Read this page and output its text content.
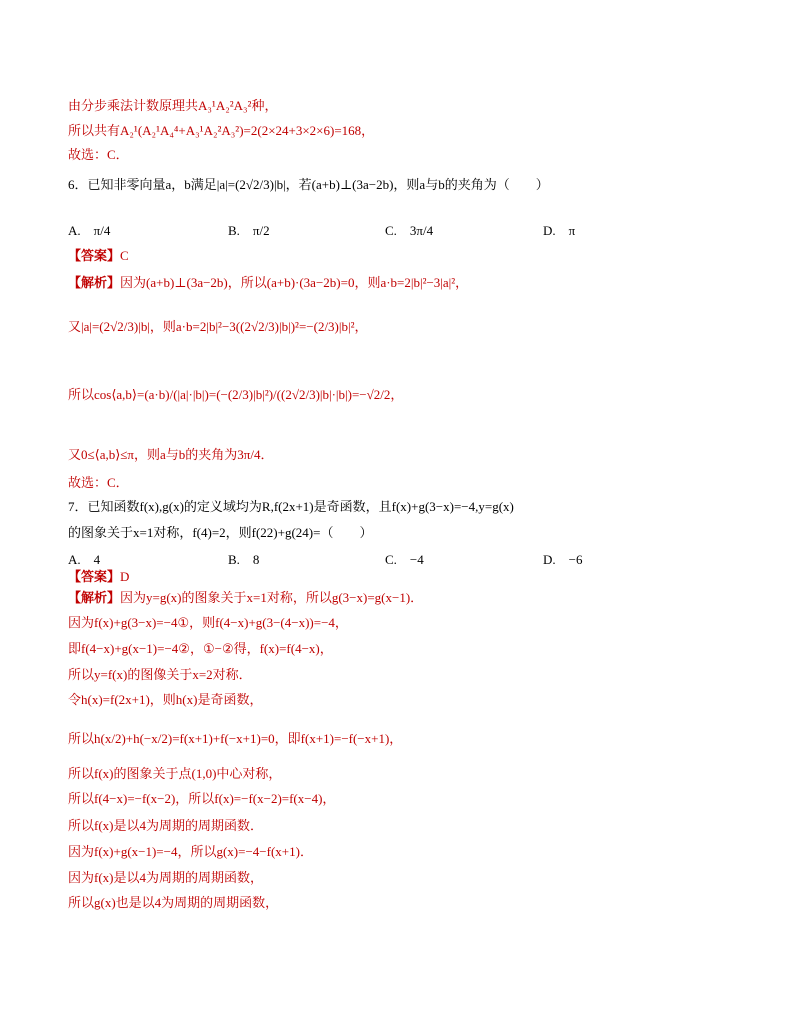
由分步乘法计数原理共A₃¹A₂²A₃²种，
所以共有A₂¹(A₂¹A₄⁴+A₃¹A₂²A₃²)=2(2×24+3×2×6)=168，
故选：C．
6．已知非零向量a，b满足|a|=(2√2/3)|b|，若(a+b)⊥(3a−2b)，则a与b的夹角为（　　）
A.　π/4	B.　π/2	C.　3π/4	D.　π
【答案】C
【解析】因为(a+b)⊥(3a−2b)，所以(a+b)·(3a−2b)=0，则a·b=2|b|²−3|a|²，
又|a|=(2√2/3)|b|，则a·b=2|b|²−3((2√2/3)|b|)²=−(2/3)|b|²，
所以cos⟨a,b⟩=(a·b)/(|a|·|b|)=(−(2/3)|b|²)/((2√2/3)|b|·|b|)=−√2/2，
又0≤⟨a,b⟩≤π，则a与b的夹角为3π/4．
故选：C．
7．已知函数f(x),g(x)的定义域均为R,f(2x+1)是奇函数，且f(x)+g(3−x)=−4,y=g(x)
的图象关于x=1对称，f(4)=2，则f(22)+g(24)=（　　）
A.　4	B.　8	C.　−4	D.　−6
【答案】D
【解析】因为y=g(x)的图象关于x=1对称，所以g(3−x)=g(x−1)．
因为f(x)+g(3−x)=−4①，则f(4−x)+g(3−(4−x))=−4，
即f(4−x)+g(x−1)=−4②，①−②得，f(x)=f(4−x)，
所以y=f(x)的图像关于x=2对称．
令h(x)=f(2x+1)，则h(x)是奇函数，
所以h(x/2)+h(−x/2)=f(x+1)+f(−x+1)=0，即f(x+1)=−f(−x+1)，
所以f(x)的图象关于点(1,0)中心对称，
所以f(4−x)=−f(x−2)，所以f(x)=−f(x−2)=f(x−4)，
所以f(x)是以4为周期的周期函数．
因为f(x)+g(x−1)=−4，所以g(x)=−4−f(x+1)．
因为f(x)是以4为周期的周期函数，
所以g(x)也是以4为周期的周期函数，
